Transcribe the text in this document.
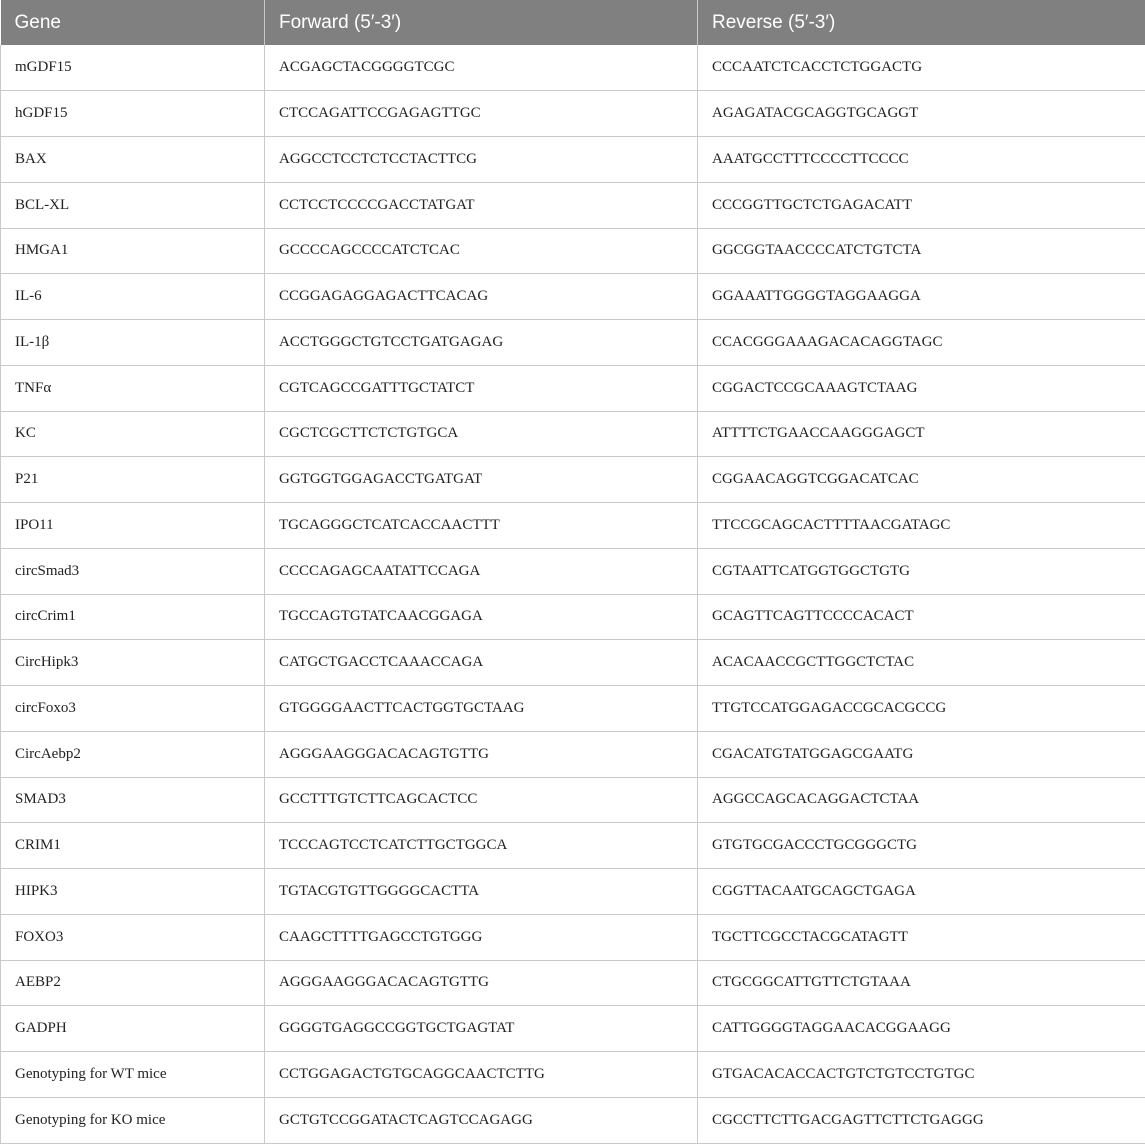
Gene	Forward (5′-3′)	Reverse (5′-3′)
mGDF15	ACGAGCTACGGGGTCGC	CCCAATCTCACCTCTGGACTG
hGDF15	CTCCAGATTCCGAGAGTTGC	AGAGATACGCAGGTGCAGGT
BAX	AGGCCTCCTCTCCTACTTCG	AAATGCCTTTCCCCTTCCCC
BCL-XL	CCTCCTCCCCGACCTATGAT	CCCGGTTGCTCTGAGACATT
HMGA1	GCCCCAGCCCCATCTCAC	GGCGGTAACCCCATCTGTCTA
IL-6	CCGGAGAGGAGACTTCACAG	GGAAATTGGGGTAGGAAGGA
IL-1β	ACCTGGGCTGTCCTGATGAGAG	CCACGGGAAAGACACAGGTAGC
TNFα	CGTCAGCCGATTTGCTATCT	CGGACTCCGCAAAGTCTAAG
KC	CGCTCGCTTCTCTGTGCA	ATTTTCTGAACCAAGGGAGCT
P21	GGTGGTGGAGACCTGATGAT	CGGAACAGGTCGGACATCAC
IPO11	TGCAGGGCTCATCACCAACTTT	TTCCGCAGCACTTTTAACGATAGC
circSmad3	CCCCAGAGCAATATTCCAGA	CGTAATTCATGGTGGCTGTG
circCrim1	TGCCAGTGTATCAACGGAGA	GCAGTTCAGTTCCCCACACT
CircHipk3	CATGCTGACCTCAAACCAGA	ACACAACCGCTTGGCTCTAC
circFoxo3	GTGGGGAACTTCACTGGTGCTAAG	TTGTCCATGGAGACCGCACGCCG
CircAebp2	AGGGAAGGGACACAGTGTTG	CGACATGTATGGAGCGAATG
SMAD3	GCCTTTGTCTTCAGCACTCC	AGGCCAGCACAGGACTCTAA
CRIM1	TCCCAGTCCTCATCTTGCTGGCA	GTGTGCGACCCTGCGGGCTG
HIPK3	TGTACGTGTTGGGGCACTTA	CGGTTACAATGCAGCTGAGA
FOXO3	CAAGCTTTTGAGCCTGTGGG	TGCTTCGCCTACGCATAGTT
AEBP2	AGGGAAGGGACACAGTGTTG	CTGCGGCATTGTTCTGTAAA
GADPH	GGGGTGAGGCCGGTGCTGAGTAT	CATTGGGGTAGGAACACGGAAGG
Genotyping for WT mice	CCTGGAGACTGTGCAGGCAACTCTTG	GTGACACACCACTGTCTGTCCTGTGC
Genotyping for KO mice	GCTGTCCGGATACTCAGTCCAGAGG	CGCCTTCTTGACGAGTTCTTCTGAGGG
